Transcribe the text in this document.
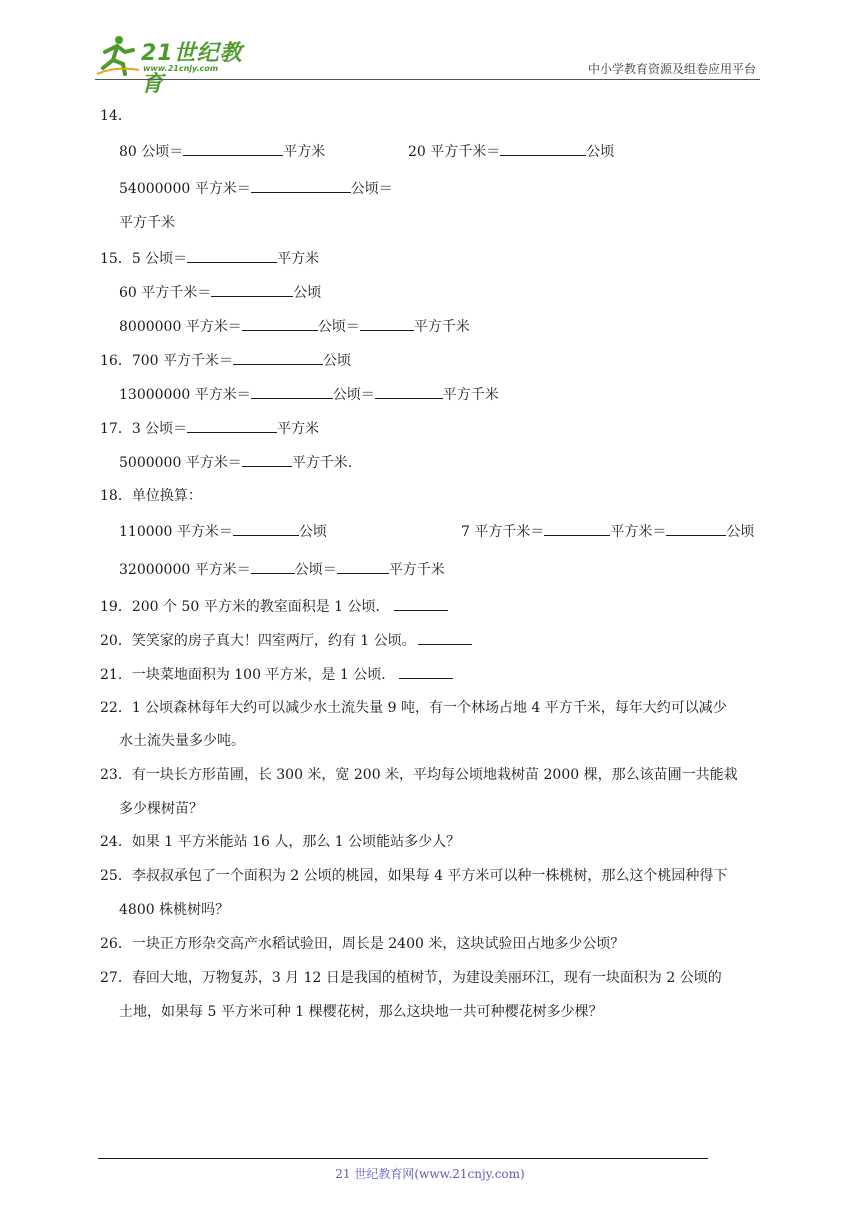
21世纪教育
www.21cnjy.com	中小学教育资源及组卷应用平台
14．
80 公顷＝	平方米	20 平方千米＝	公顷
54000000 平方米＝	公顷＝
平方千米
15．5 公顷＝	平方米
60 平方千米＝	公顷
8000000 平方米＝	公顷＝	平方千米
16．700 平方千米＝	公顷
13000000 平方米＝	公顷＝	平方千米
17．3 公顷＝	平方米
5000000 平方米＝	平方千米.
18．单位换算：
110000 平方米＝	公顷	7 平方千米＝	平方米＝	公顷
32000000 平方米＝	公顷＝	平方千米
19．200 个 50 平方米的教室面积是 1 公顷．
20．笑笑家的房子真大！四室两厅，约有 1 公顷。
21．一块菜地面积为 100 平方米，是 1 公顷．
22．1 公顷森林每年大约可以减少水土流失量 9 吨，有一个林场占地 4 平方千米，每年大约可以减少
水土流失量多少吨。
23．有一块长方形苗圃，长 300 米，宽 200 米，平均每公顷地栽树苗 2000 棵，那么该苗圃一共能栽
多少棵树苗？
24．如果 1 平方米能站 16 人，那么 1 公顷能站多少人？
25．李叔叔承包了一个面积为 2 公顷的桃园，如果每 4 平方米可以种一株桃树，那么这个桃园种得下
4800 株桃树吗？
26．一块正方形杂交高产水稻试验田，周长是 2400 米，这块试验田占地多少公顷？
27．春回大地，万物复苏，3 月 12 日是我国的植树节，为建设美丽环江，现有一块面积为 2 公顷的
土地，如果每 5 平方米可种 1 棵樱花树，那么这块地一共可种樱花树多少棵？
21 世纪教育网(www.21cnjy.com)
